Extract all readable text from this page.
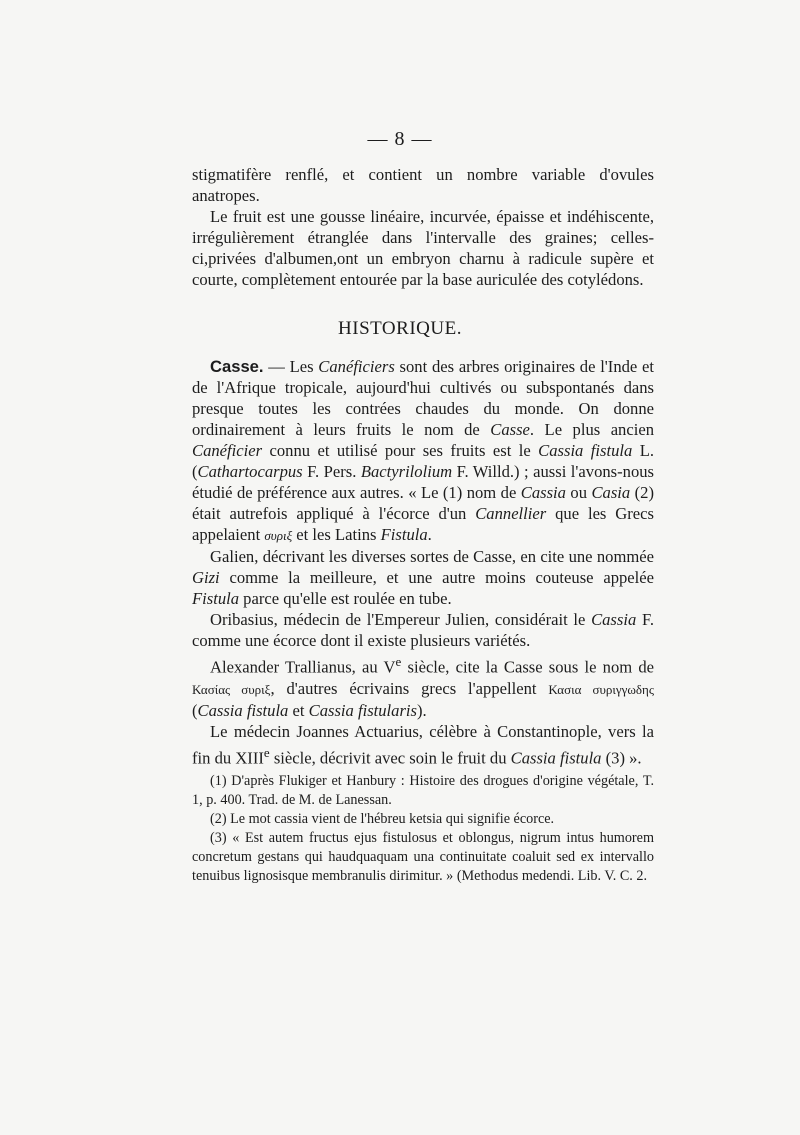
— 8 —

stigmatifère renflé, et contient un nombre variable d'ovules anatropes.

Le fruit est une gousse linéaire, incurvée, épaisse et indéhiscente, irrégulièrement étranglée dans l'intervalle des graines; celles-ci,privées d'albumen,ont un embryon charnu à radicule supère et courte, complètement entourée par la base auriculée des cotylédons.

HISTORIQUE.

Casse. — Les Canéficiers sont des arbres originaires de l'Inde et de l'Afrique tropicale, aujourd'hui cultivés ou subspontanés dans presque toutes les contrées chaudes du monde. On donne ordinairement à leurs fruits le nom de Casse. Le plus ancien Canéficier connu et utilisé pour ses fruits est le Cassia fistula L. (Cathartocarpus F. Pers. Bactyrilolium F. Willd.) ; aussi l'avons-nous étudié de préférence aux autres. « Le (1) nom de Cassia ou Casia (2) était autrefois appliqué à l'écorce d'un Cannellier que les Grecs appelaient συριξ et les Latins Fistula.

Galien, décrivant les diverses sortes de Casse, en cite une nommée Gizi comme la meilleure, et une autre moins couteuse appelée Fistula parce qu'elle est roulée en tube.

Oribasius, médecin de l'Empereur Julien, considérait le Cassia F. comme une écorce dont il existe plusieurs variétés.

Alexander Trallianus, au Ve siècle, cite la Casse sous le nom de Κασίας συριξ, d'autres écrivains grecs l'appellent Κασια συριγγωδης (Cassia fistula et Cassia fistularis).

Le médecin Joannes Actuarius, célèbre à Constantinople, vers la fin du XIIIe siècle, décrivit avec soin le fruit du Cassia fistula (3) ».

(1) D'après Flukiger et Hanbury : Histoire des drogues d'origine végétale, T. 1, p. 400. Trad. de M. de Lanessan.

(2) Le mot cassia vient de l'hébreu ketsia qui signifie écorce.

(3) « Est autem fructus ejus fistulosus et oblongus, nigrum intus humorem concretum gestans qui haudquaquam una continuitate coaluit sed ex intervallo tenuibus lignosisque membranulis dirimitur. » (Methodus medendi. Lib. V. C. 2.
